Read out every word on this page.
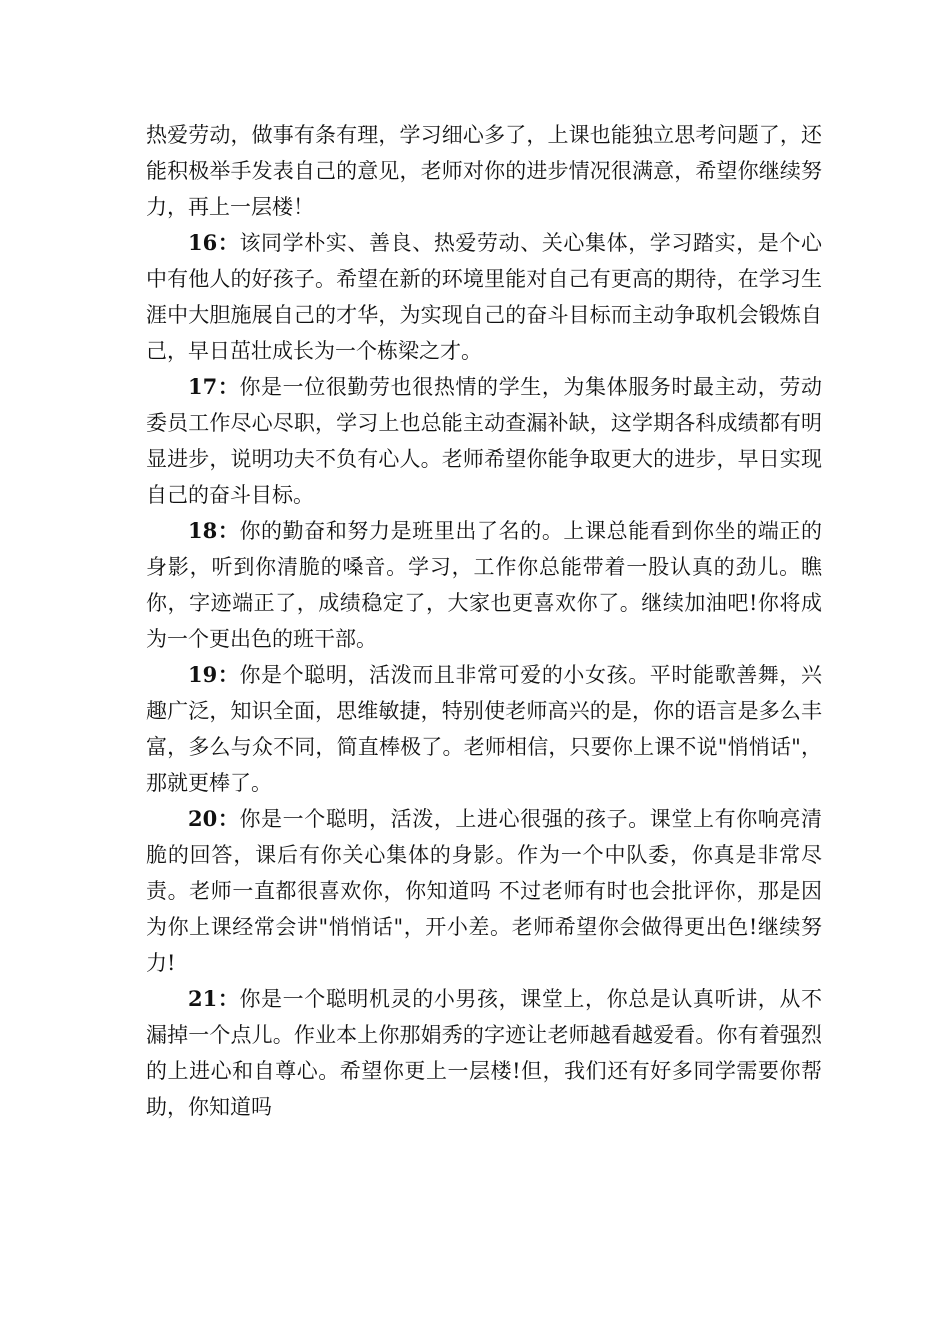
热爱劳动，做事有条有理，学习细心多了，上课也能独立思考问题了，还能积极举手发表自己的意见，老师对你的进步情况很满意，希望你继续努力，再上一层楼！

16：该同学朴实、善良、热爱劳动、关心集体，学习踏实，是个心中有他人的好孩子。希望在新的环境里能对自己有更高的期待，在学习生涯中大胆施展自己的才华，为实现自己的奋斗目标而主动争取机会锻炼自己，早日茁壮成长为一个栋梁之才。

17：你是一位很勤劳也很热情的学生，为集体服务时最主动，劳动委员工作尽心尽职，学习上也总能主动查漏补缺，这学期各科成绩都有明显进步，说明功夫不负有心人。老师希望你能争取更大的进步，早日实现自己的奋斗目标。

18：你的勤奋和努力是班里出了名的。上课总能看到你坐的端正的身影，听到你清脆的嗓音。学习，工作你总能带着一股认真的劲儿。瞧你，字迹端正了，成绩稳定了，大家也更喜欢你了。继续加油吧!你将成为一个更出色的班干部。

19：你是个聪明，活泼而且非常可爱的小女孩。平时能歌善舞，兴趣广泛，知识全面，思维敏捷，特别使老师高兴的是，你的语言是多么丰富，多么与众不同，简直棒极了。老师相信，只要你上课不说"悄悄话"，那就更棒了。

20：你是一个聪明，活泼，上进心很强的孩子。课堂上有你响亮清脆的回答，课后有你关心集体的身影。作为一个中队委，你真是非常尽责。老师一直都很喜欢你，你知道吗 不过老师有时也会批评你，那是因为你上课经常会讲"悄悄话"，开小差。老师希望你会做得更出色!继续努力!

21：你是一个聪明机灵的小男孩，课堂上，你总是认真听讲，从不漏掉一个点儿。作业本上你那娟秀的字迹让老师越看越爱看。你有着强烈的上进心和自尊心。希望你更上一层楼!但，我们还有好多同学需要你帮助，你知道吗
